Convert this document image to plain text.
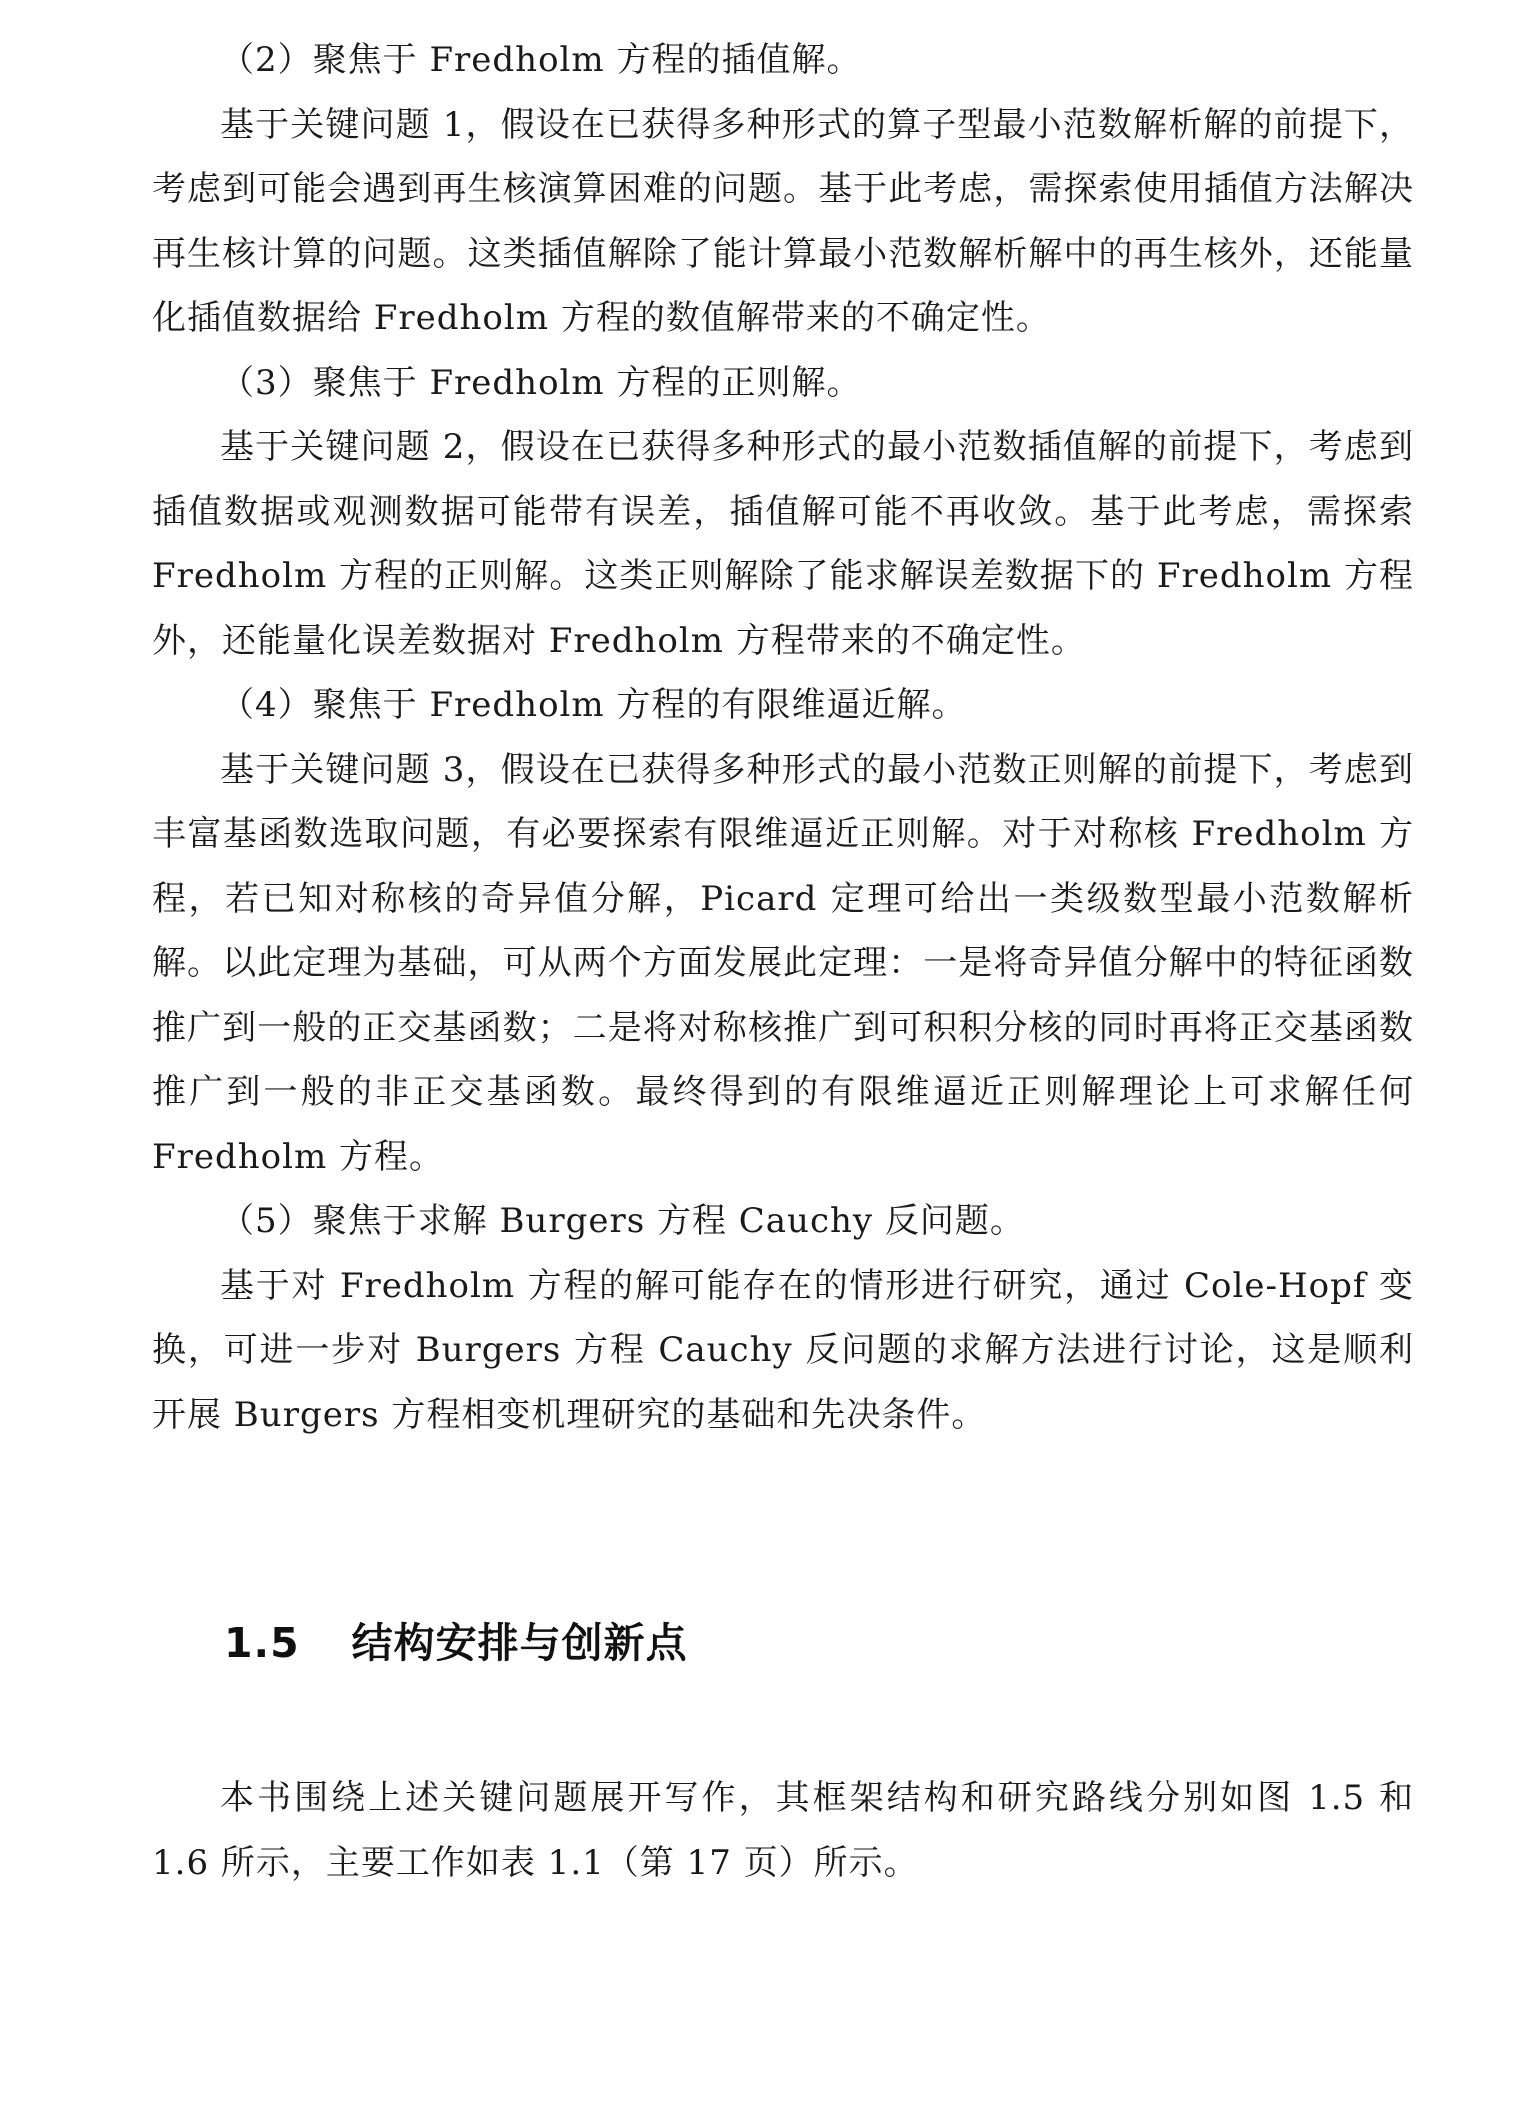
（2）聚焦于 Fredholm 方程的插值解。

基于关键问题 1，假设在已获得多种形式的算子型最小范数解析解的前提下，考虑到可能会遇到再生核演算困难的问题。基于此考虑，需探索使用插值方法解决再生核计算的问题。这类插值解除了能计算最小范数解析解中的再生核外，还能量化插值数据给 Fredholm 方程的数值解带来的不确定性。

（3）聚焦于 Fredholm 方程的正则解。

基于关键问题 2，假设在已获得多种形式的最小范数插值解的前提下，考虑到插值数据或观测数据可能带有误差，插值解可能不再收敛。基于此考虑，需探索 Fredholm 方程的正则解。这类正则解除了能求解误差数据下的 Fredholm 方程外，还能量化误差数据对 Fredholm 方程带来的不确定性。

（4）聚焦于 Fredholm 方程的有限维逼近解。

基于关键问题 3，假设在已获得多种形式的最小范数正则解的前提下，考虑到丰富基函数选取问题，有必要探索有限维逼近正则解。对于对称核 Fredholm 方程，若已知对称核的奇异值分解，Picard 定理可给出一类级数型最小范数解析解。以此定理为基础，可从两个方面发展此定理：一是将奇异值分解中的特征函数推广到一般的正交基函数；二是将对称核推广到可积积分核的同时再将正交基函数推广到一般的非正交基函数。最终得到的有限维逼近正则解理论上可求解任何 Fredholm 方程。

（5）聚焦于求解 Burgers 方程 Cauchy 反问题。

基于对 Fredholm 方程的解可能存在的情形进行研究，通过 Cole-Hopf 变换，可进一步对 Burgers 方程 Cauchy 反问题的求解方法进行讨论，这是顺利开展 Burgers 方程相变机理研究的基础和先决条件。

1.5 结构安排与创新点

本书围绕上述关键问题展开写作，其框架结构和研究路线分别如图 1.5 和 1.6 所示，主要工作如表 1.1（第 17 页）所示。
